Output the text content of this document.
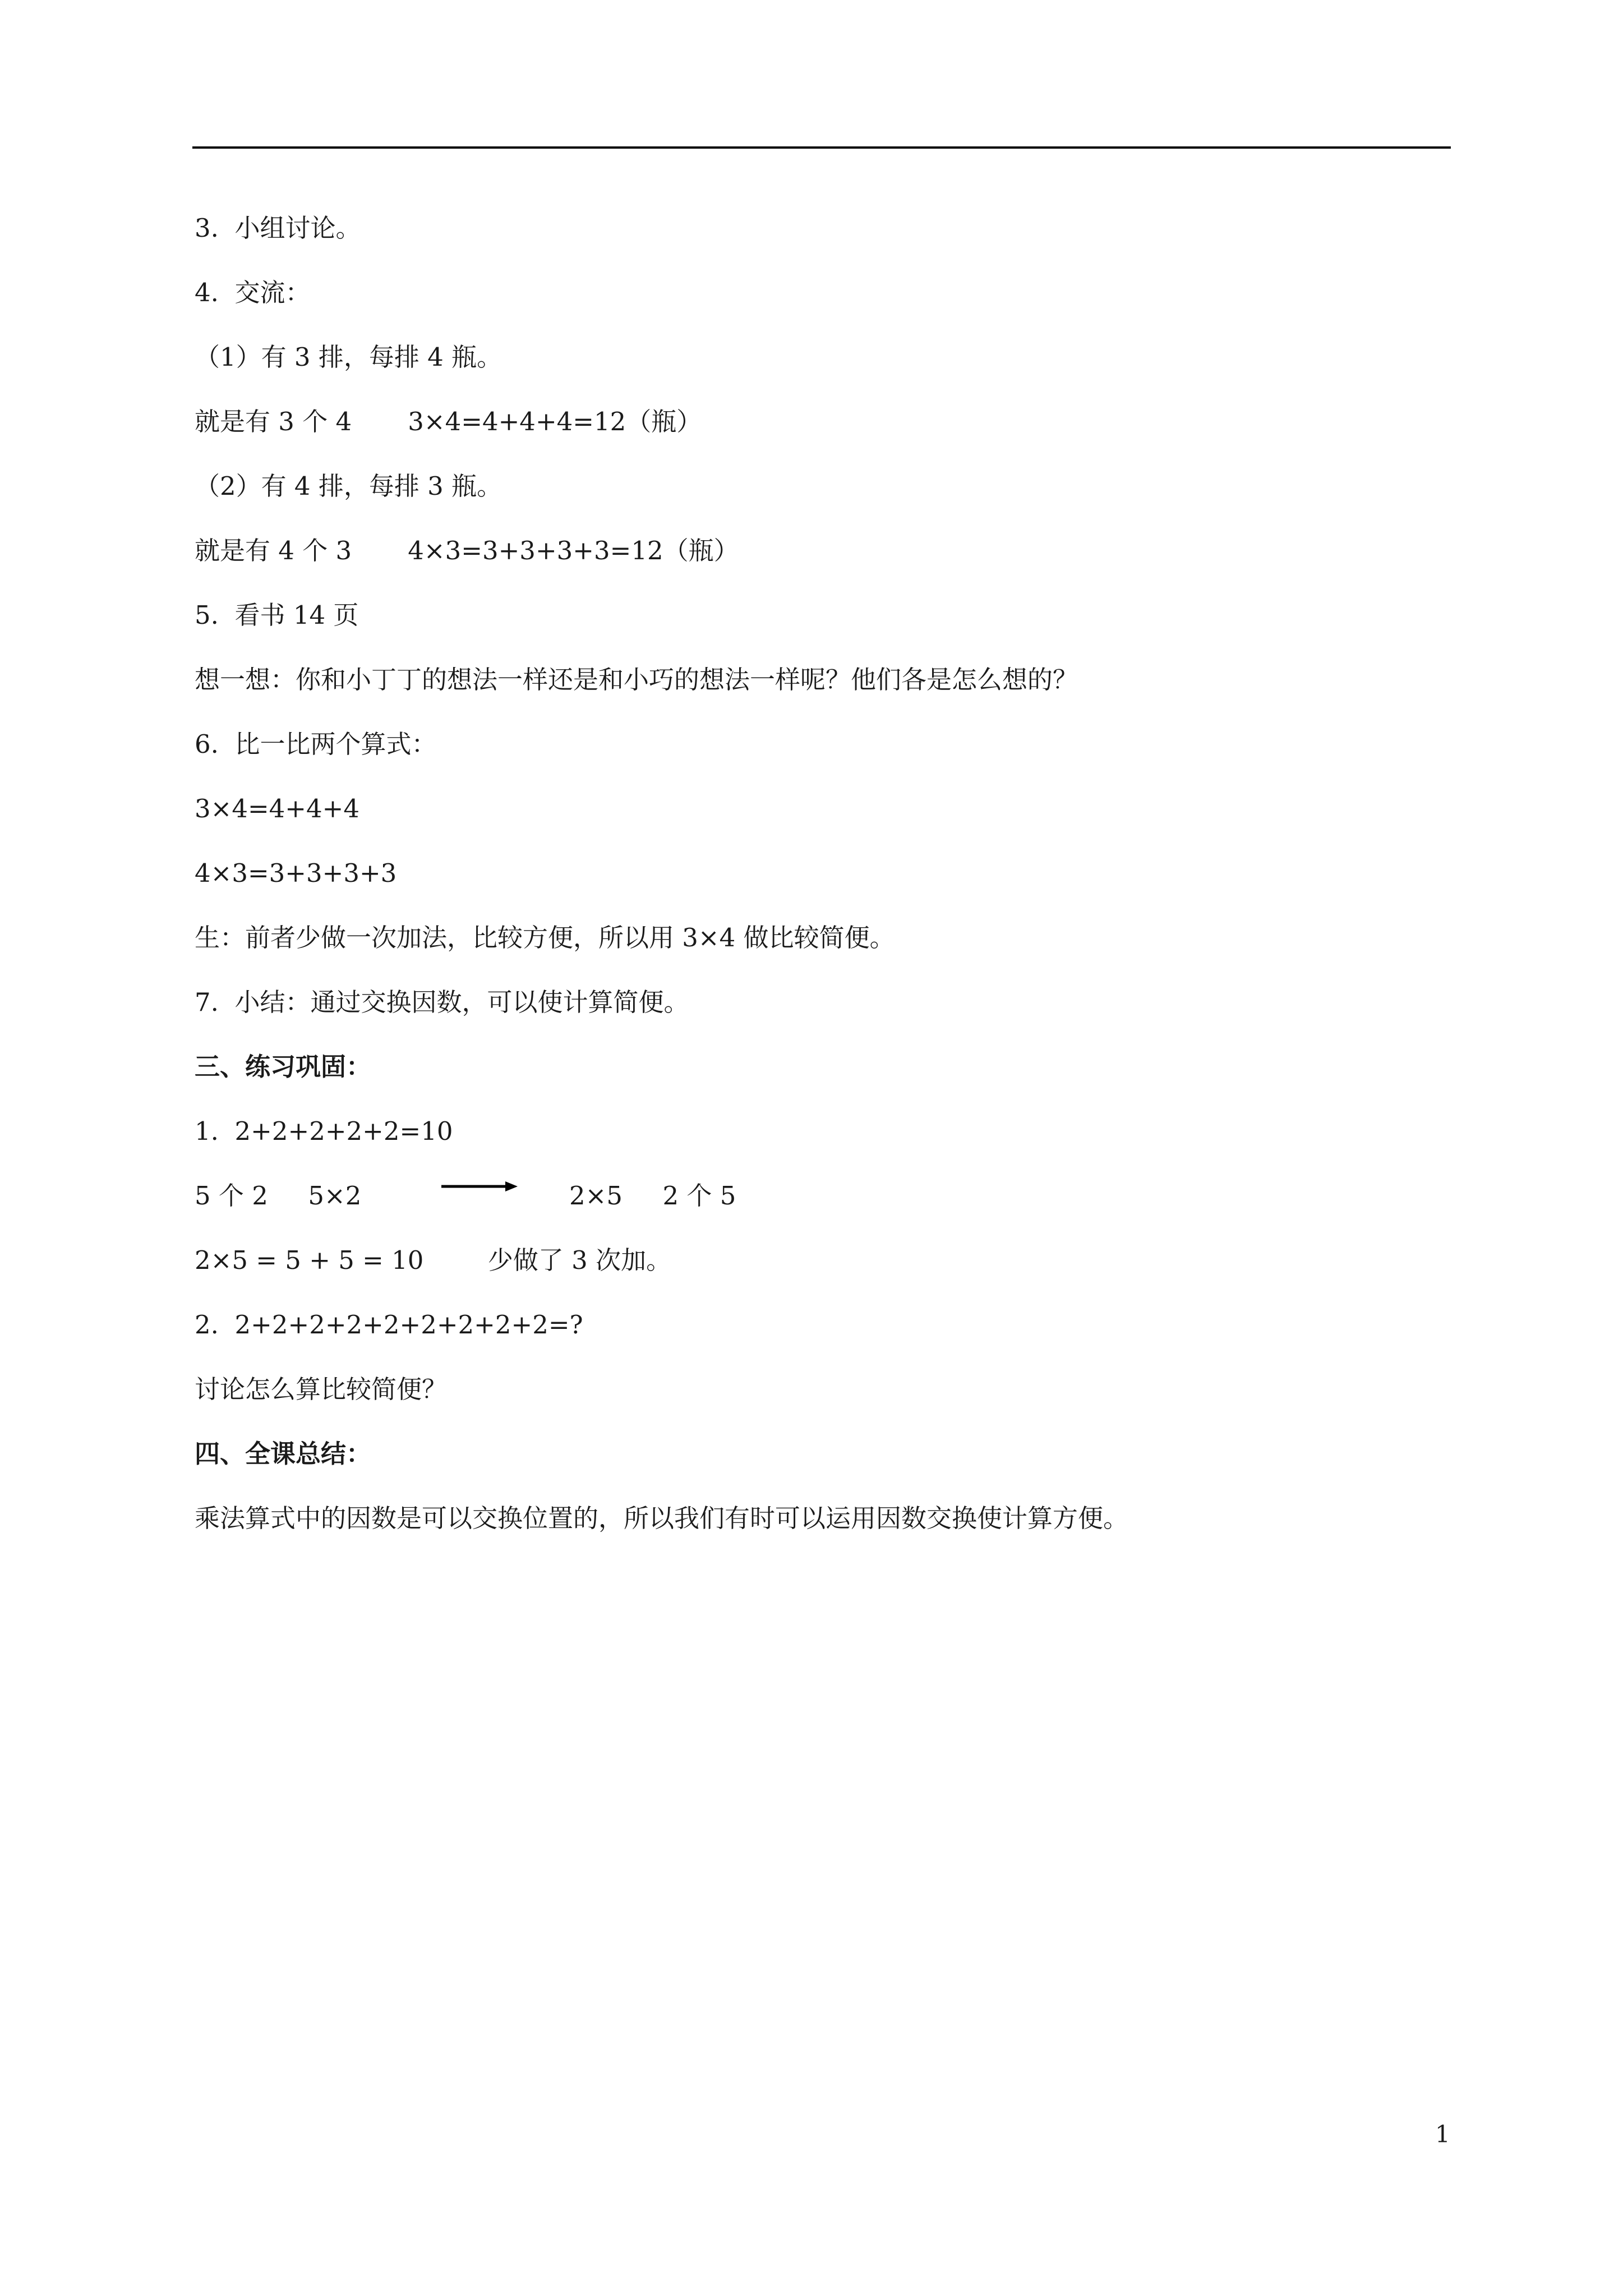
3.  小组讨论。
4.  交流：
（1）有 3 排，每排 4 瓶。
就是有 3 个 4       3×4=4+4+4=12（瓶）
（2）有 4 排，每排 3 瓶。
就是有 4 个 3       4×3=3+3+3+3=12（瓶）
5.  看书 14 页
想一想：你和小丁丁的想法一样还是和小巧的想法一样呢？他们各是怎么想的？
6.  比一比两个算式：
3×4=4+4+4
4×3=3+3+3+3
生：前者少做一次加法，比较方便，所以用 3×4 做比较简便。
7.  小结：通过交换因数，可以使计算简便。
三、练习巩固：
1.  2+2+2+2+2=10
5 个 2     5×2	2×5     2 个 5
2×5 = 5 + 5 = 10        少做了 3 次加。
2.  2+2+2+2+2+2+2+2+2=?
讨论怎么算比较简便？
四、全课总结：
乘法算式中的因数是可以交换位置的，所以我们有时可以运用因数交换使计算方便。
1
